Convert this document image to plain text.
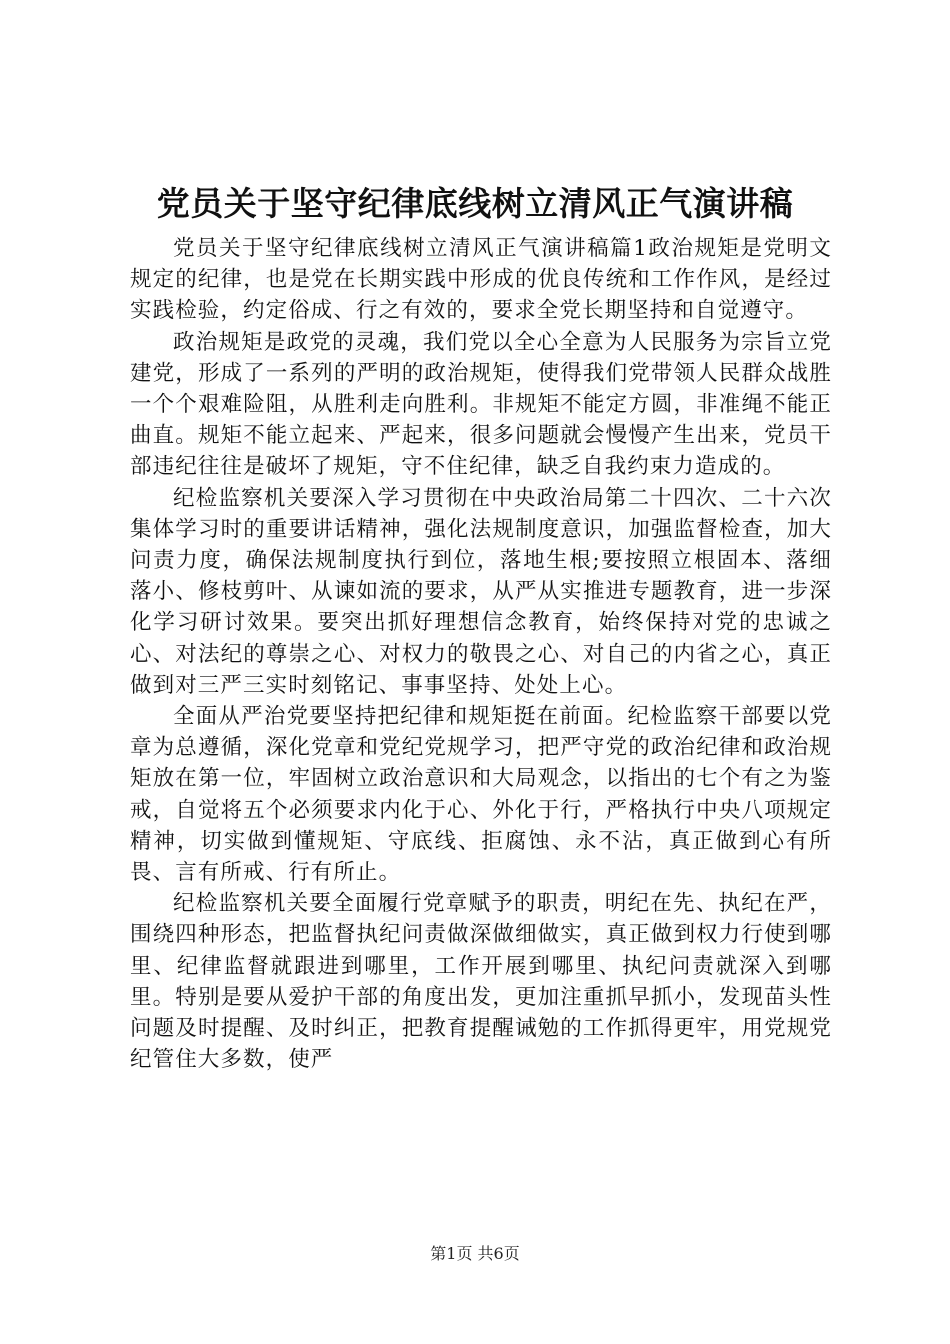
党员关于坚守纪律底线树立清风正气演讲稿

党员关于坚守纪律底线树立清风正气演讲稿篇1政治规矩是党明文规定的纪律，也是党在长期实践中形成的优良传统和工作作风，是经过实践检验，约定俗成、行之有效的，要求全党长期坚持和自觉遵守。

政治规矩是政党的灵魂，我们党以全心全意为人民服务为宗旨立党建党，形成了一系列的严明的政治规矩，使得我们党带领人民群众战胜一个个艰难险阻，从胜利走向胜利。非规矩不能定方圆，非准绳不能正曲直。规矩不能立起来、严起来，很多问题就会慢慢产生出来，党员干部违纪往往是破坏了规矩，守不住纪律，缺乏自我约束力造成的。

纪检监察机关要深入学习贯彻在中央政治局第二十四次、二十六次集体学习时的重要讲话精神，强化法规制度意识，加强监督检查，加大问责力度，确保法规制度执行到位，落地生根;要按照立根固本、落细落小、修枝剪叶、从谏如流的要求，从严从实推进专题教育，进一步深化学习研讨效果。要突出抓好理想信念教育，始终保持对党的忠诚之心、对法纪的尊崇之心、对权力的敬畏之心、对自己的内省之心，真正做到对三严三实时刻铭记、事事坚持、处处上心。

全面从严治党要坚持把纪律和规矩挺在前面。纪检监察干部要以党章为总遵循，深化党章和党纪党规学习，把严守党的政治纪律和政治规矩放在第一位，牢固树立政治意识和大局观念，以指出的七个有之为鉴戒，自觉将五个必须要求内化于心、外化于行，严格执行中央八项规定精神，切实做到懂规矩、守底线、拒腐蚀、永不沾，真正做到心有所畏、言有所戒、行有所止。

纪检监察机关要全面履行党章赋予的职责，明纪在先、执纪在严，围绕四种形态，把监督执纪问责做深做细做实，真正做到权力行使到哪里、纪律监督就跟进到哪里，工作开展到哪里、执纪问责就深入到哪里。特别是要从爱护干部的角度出发，更加注重抓早抓小，发现苗头性问题及时提醒、及时纠正，把教育提醒诫勉的工作抓得更牢，用党规党纪管住大多数，使严

第1页 共6页
